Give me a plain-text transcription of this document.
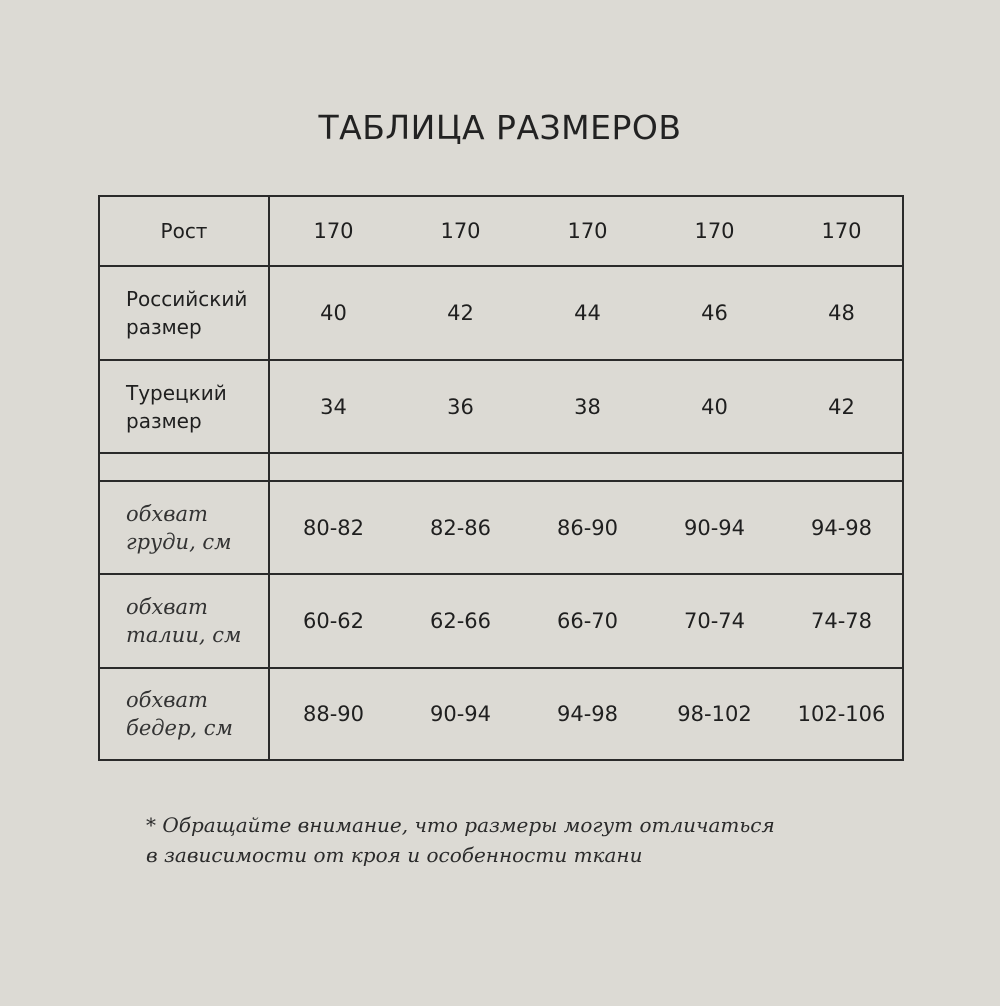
ТАБЛИЦА РАЗМЕРОВ
Рост	170	170	170	170	170
Российский
размер
40	42	44	46	48
Турецкий
размер
34	36	38	40	42
обхват
груди, см
80-82	82-86	86-90	90-94	94-98
обхват
талии, см
60-62	62-66	66-70	70-74	74-78
обхват
бедер, см
88-90	90-94	94-98	98-102	102-106
* Обращайте внимание, что размеры могут отличаться
в зависимости от кроя и особенности ткани
